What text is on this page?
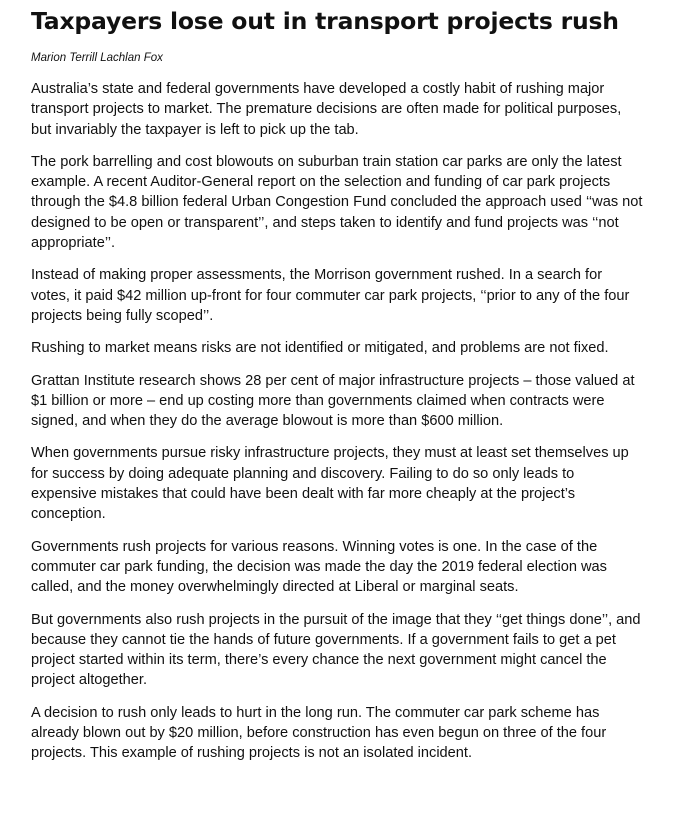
Taxpayers lose out in transport projects rush
Marion Terrill Lachlan Fox

Australia’s state and federal governments have developed a costly habit of rushing major transport projects to market. The premature decisions are often made for political purposes, but invariably the taxpayer is left to pick up the tab.

The pork barrelling and cost blowouts on suburban train station car parks are only the latest example. A recent Auditor-General report on the selection and funding of car park projects through the $4.8 billion federal Urban Congestion Fund concluded the approach used ‘‘was not designed to be open or transparent’’, and steps taken to identify and fund projects was ‘‘not appropriate’’.

Instead of making proper assessments, the Morrison government rushed. In a search for votes, it paid $42 million up-front for four commuter car park projects, ‘‘prior to any of the four projects being fully scoped’’.

Rushing to market means risks are not identified or mitigated, and problems are not fixed.

Grattan Institute research shows 28 per cent of major infrastructure projects – those valued at $1 billion or more – end up costing more than governments claimed when contracts were signed, and when they do the average blowout is more than $600 million.

When governments pursue risky infrastructure projects, they must at least set themselves up for success by doing adequate planning and discovery. Failing to do so only leads to expensive mistakes that could have been dealt with far more cheaply at the project’s conception.

Governments rush projects for various reasons. Winning votes is one. In the case of the commuter car park funding, the decision was made the day the 2019 federal election was called, and the money overwhelmingly directed at Liberal or marginal seats.

But governments also rush projects in the pursuit of the image that they ‘‘get things done’’, and because they cannot tie the hands of future governments. If a government fails to get a pet project started within its term, there’s every chance the next government might cancel the project altogether.

A decision to rush only leads to hurt in the long run. The commuter car park scheme has already blown out by $20 million, before construction has even begun on three of the four projects. This example of rushing projects is not an isolated incident.
